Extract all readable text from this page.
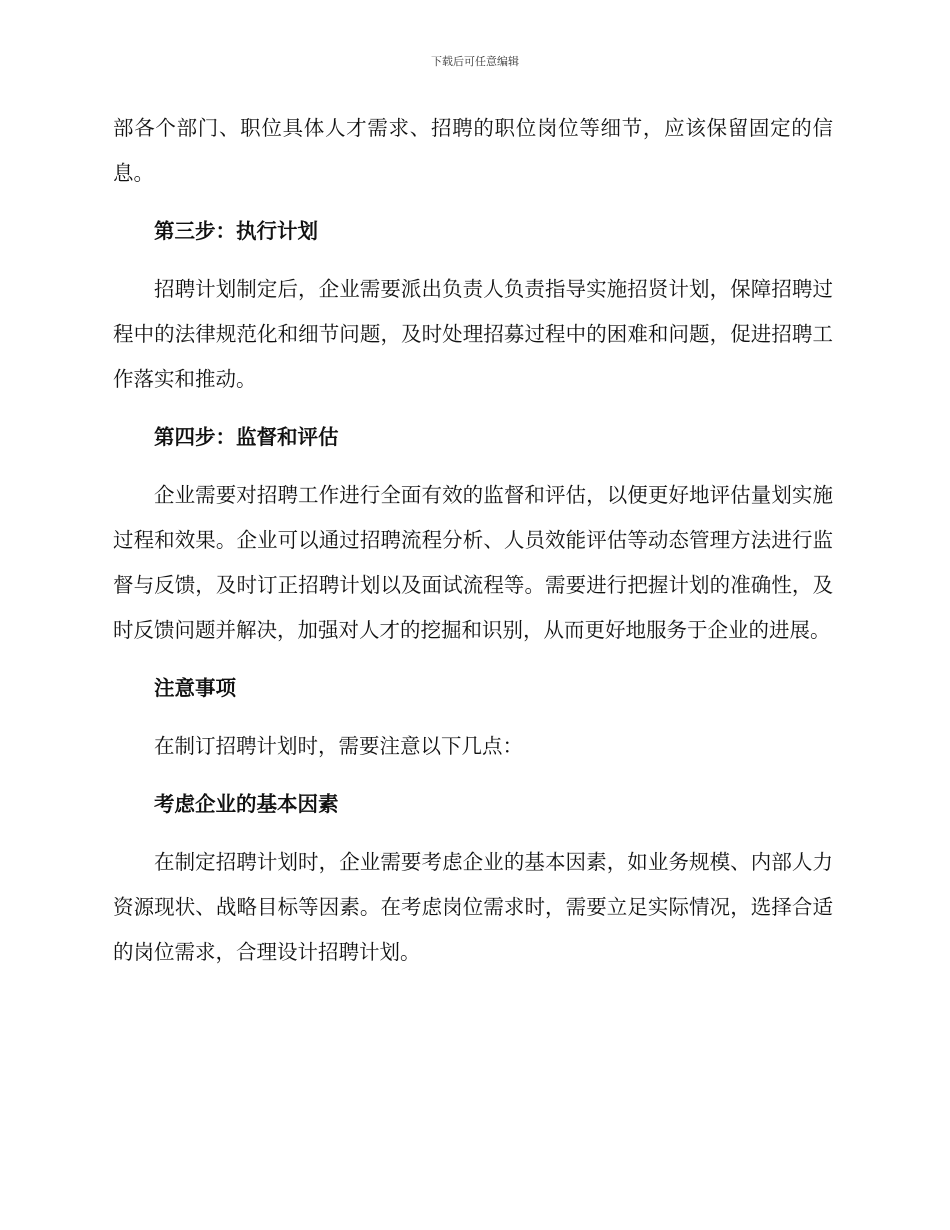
下载后可任意编辑

部各个部门、职位具体人才需求、招聘的职位岗位等细节，应该保留固定的信息。

第三步：执行计划

招聘计划制定后，企业需要派出负责人负责指导实施招贤计划，保障招聘过程中的法律规范化和细节问题，及时处理招募过程中的困难和问题，促进招聘工作落实和推动。

第四步：监督和评估

企业需要对招聘工作进行全面有效的监督和评估，以便更好地评估量划实施过程和效果。企业可以通过招聘流程分析、人员效能评估等动态管理方法进行监督与反馈，及时订正招聘计划以及面试流程等。需要进行把握计划的准确性，及时反馈问题并解决，加强对人才的挖掘和识别，从而更好地服务于企业的进展。

注意事项

在制订招聘计划时，需要注意以下几点：

考虑企业的基本因素

在制定招聘计划时，企业需要考虑企业的基本因素，如业务规模、内部人力资源现状、战略目标等因素。在考虑岗位需求时，需要立足实际情况，选择合适的岗位需求，合理设计招聘计划。
